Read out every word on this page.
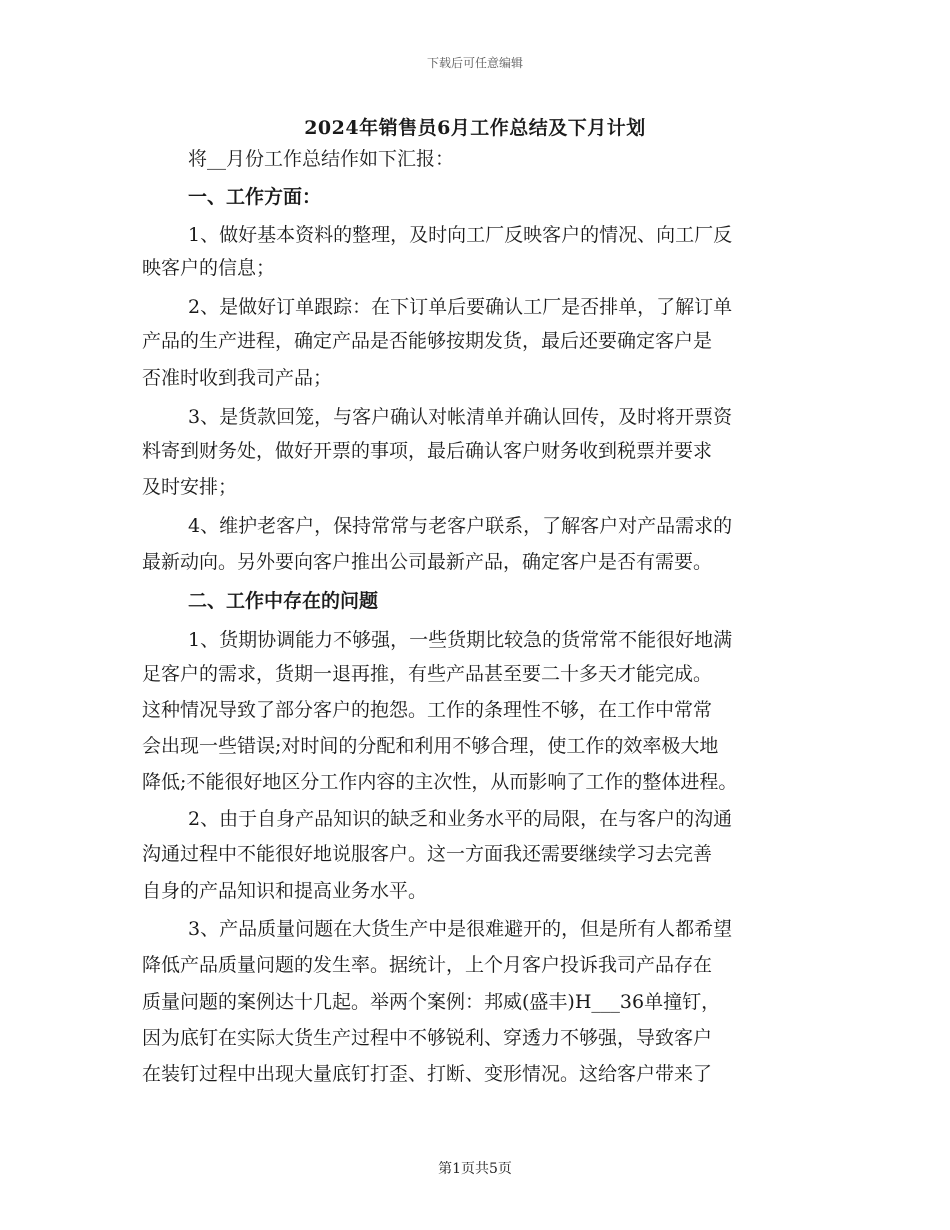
下载后可任意编辑
2024年销售员6月工作总结及下月计划
将__月份工作总结作如下汇报：
一、工作方面：
1、做好基本资料的整理，及时向工厂反映客户的情况、向工厂反
映客户的信息；
2、是做好订单跟踪：在下订单后要确认工厂是否排单，了解订单
产品的生产进程，确定产品是否能够按期发货，最后还要确定客户是
否准时收到我司产品；
3、是货款回笼，与客户确认对帐清单并确认回传，及时将开票资
料寄到财务处，做好开票的事项，最后确认客户财务收到税票并要求
及时安排；
4、维护老客户，保持常常与老客户联系，了解客户对产品需求的
最新动向。另外要向客户推出公司最新产品，确定客户是否有需要。
二、工作中存在的问题
1、货期协调能力不够强，一些货期比较急的货常常不能很好地满
足客户的需求，货期一退再推，有些产品甚至要二十多天才能完成。
这种情况导致了部分客户的抱怨。工作的条理性不够，在工作中常常
会出现一些错误;对时间的分配和利用不够合理，使工作的效率极大地
降低;不能很好地区分工作内容的主次性，从而影响了工作的整体进程。
2、由于自身产品知识的缺乏和业务水平的局限，在与客户的沟通
沟通过程中不能很好地说服客户。这一方面我还需要继续学习去完善
自身的产品知识和提高业务水平。
3、产品质量问题在大货生产中是很难避开的，但是所有人都希望
降低产品质量问题的发生率。据统计，上个月客户投诉我司产品存在
质量问题的案例达十几起。举两个案例：邦威(盛丰)H___36单撞钉，
因为底钉在实际大货生产过程中不够锐利、穿透力不够强，导致客户
在装钉过程中出现大量底钉打歪、打断、变形情况。这给客户带来了
第1页共5页
